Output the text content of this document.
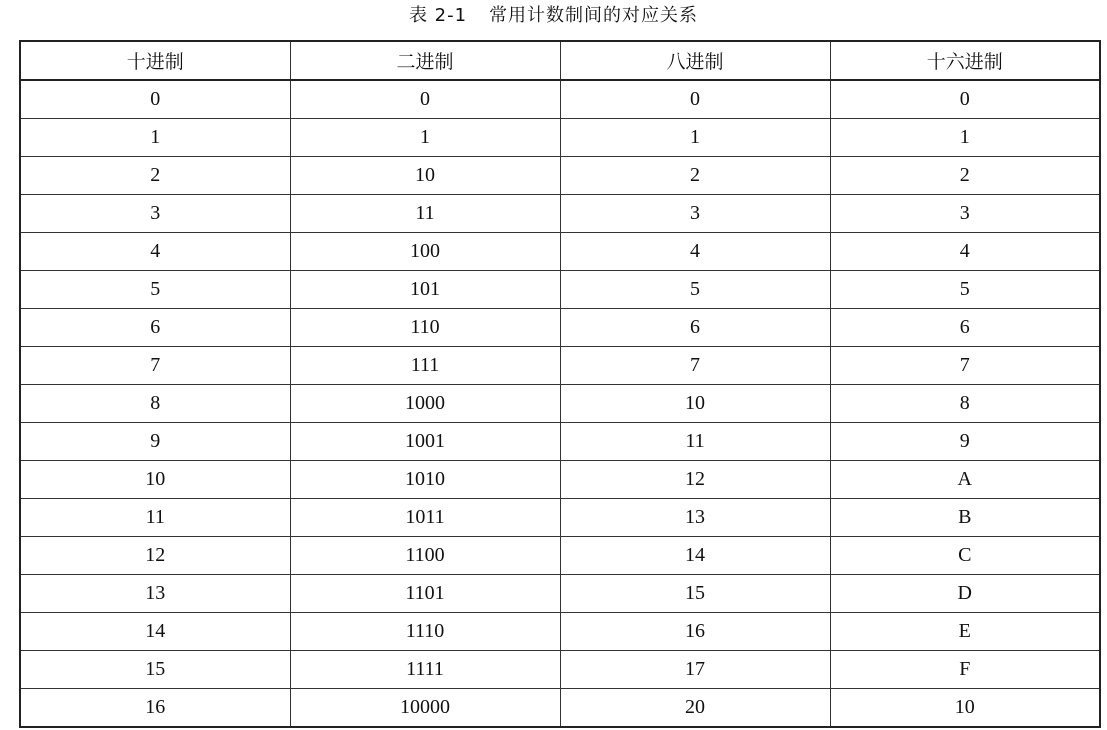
表 2-1 常用计数制间的对应关系
十进制	二进制	八进制	十六进制
0	0	0	0
1	1	1	1
2	10	2	2
3	11	3	3
4	100	4	4
5	101	5	5
6	110	6	6
7	111	7	7
8	1000	10	8
9	1001	11	9
10	1010	12	A
11	1011	13	B
12	1100	14	C
13	1101	15	D
14	1110	16	E
15	1111	17	F
16	10000	20	10
